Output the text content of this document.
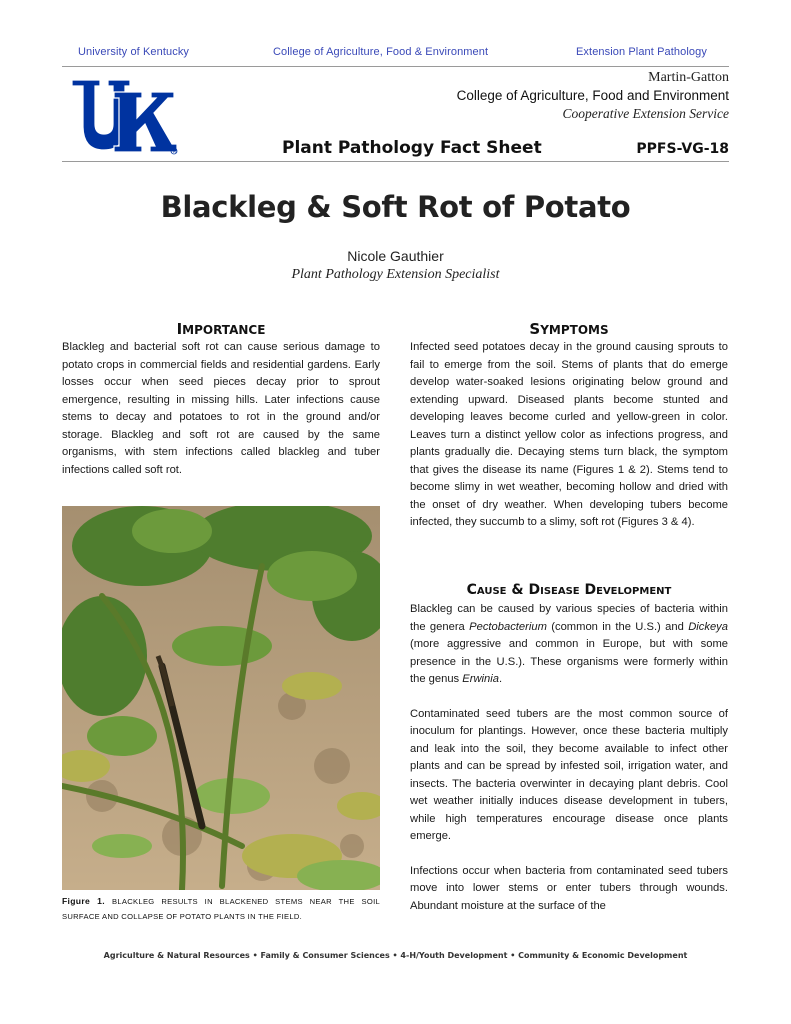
University of Kentucky	College of Agriculture, Food & Environment	Extension Plant Pathology
R
Martin-Gatton
College of Agriculture, Food and Environment
Cooperative Extension Service
Plant Pathology Fact Sheet	PPFS-VG-18
Blackleg & Soft Rot of Potato
Nicole Gauthier
Plant Pathology Extension Specialist
IMPORTANCE

Blackleg and bacterial soft rot can cause serious damage to potato crops in commercial fields and residential gardens. Early losses occur when seed pieces decay prior to sprout emergence, resulting in missing hills. Later infections cause stems to decay and potatoes to rot in the ground and/or storage. Blackleg and soft rot are caused by the same organisms, with stem infections called blackleg and tuber infections called soft rot.

Figure 1. BLACKLEG RESULTS IN BLACKENED STEMS NEAR THE SOIL SURFACE AND COLLAPSE OF POTATO PLANTS IN THE FIELD.
SYMPTOMS

Infected seed potatoes decay in the ground causing sprouts to fail to emerge from the soil. Stems of plants that do emerge develop water-soaked lesions originating below ground and extending upward. Diseased plants become stunted and developing leaves become curled and yellow-green in color. Leaves turn a distinct yellow color as infections progress, and plants gradually die. Decaying stems turn black, the symptom that gives the disease its name (Figures 1 & 2). Stems tend to become slimy in wet weather, becoming hollow and dried with the onset of dry weather. When developing tubers become infected, they succumb to a slimy, soft rot (Figures 3 & 4).

Cause & Disease Development

Blackleg can be caused by various species of bacteria within the genera Pectobacterium (common in the U.S.) and Dickeya (more aggressive and common in Europe, but with some presence in the U.S.). These organisms were formerly within the genus Erwinia.

Contaminated seed tubers are the most common source of inoculum for plantings. However, once these bacteria multiply and leak into the soil, they become available to infect other plants and can be spread by infested soil, irrigation water, and insects. The bacteria overwinter in decaying plant debris. Cool wet weather initially induces disease development in tubers, while high temperatures encourage disease once plants emerge.

Infections occur when bacteria from contaminated seed tubers move into lower stems or enter tubers through wounds. Abundant moisture at the surface of the

Agriculture & Natural Resources • Family & Consumer Sciences • 4-H/Youth Development • Community & Economic Development
